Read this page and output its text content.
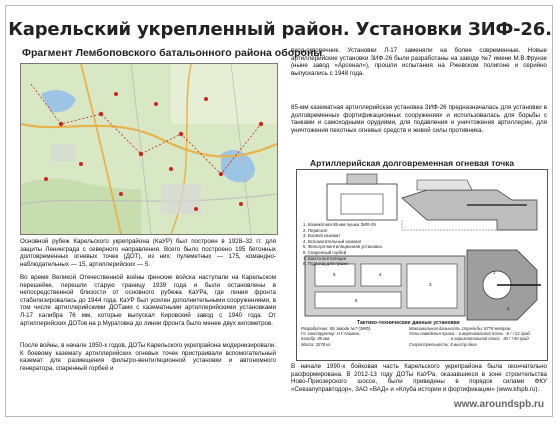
Карельский укрепленный район. Установки ЗИФ-26.
Фрагмент Лембоповского батальонного района обороны

Основной рубеж Карельского укрепрайона (КаУР) был построен в 1928–32 гг. для защиты Ленинграда с северного направления. Всего было построено 195 бетонных долговременных огневых точек (ДОТ), из них: пулеметных — 175, командно-наблюдательных — 15, артиллерийских — 5.

Во время Великой Отечественной войны финские войска наступали на Карельском перешейке, перешли старую границу 1939 года и были остановлены в непосредственной близости от основного рубежа КаУРа, где линия фронта стабилизировалась до 1944 года. КаУР был усилен дополнительными сооружениями, в том числе артиллерийскими ДОТами с казематными артиллерийскими установками Л-17 калибра 76 мм, которые выпускал Кировский завод с 1940 года. От артиллерийских ДОТов на р.Муратовка до линии фронта было менее двух километров.

После войны, в начале 1950-х годов, ДОТы Карельского укрепрайона модернизировали. К боевому каземату артиллерийских огневых точек пристраивали вспомогательный каземат для размещения фильтро-вентиляционной установки и автономного генератора, спаренный горбей и

вход-скворечник. Установки Л-17 заменяли на более современные. Новые артиллерийские установки ЗИФ-26 были разработаны на заводе №7 имени М.В.Фрунзе (ныне завод «Арсенал»), прошли испытания на Ржевском полигоне и серийно выпускались с 1948 года.

85-мм казематная артиллерийская установка ЗИФ-26 предназначалась для установки в долговременных фортификационных сооружениях и использовалась для борьбы с танками и самоходными орудиями, для подавления и уничтожения артиллерии, для уничтожения пехотных огневых средств и живой силы противника.

Артиллерийская долговременная огневая точка
5	4
3
6
1
2
1. Казематная 85-мм пушка ЗИФ-26
2. Перископ
3. Боевой каземат
4. Вспомогательный каземат
5. Фильтро-вентиляционная установка
6. Спаренный горбей
7. Шахта вентиляции
8. Подъезд для пушки
Тактико-технические данные установки
Разработчик: КБ завода №7 (ЗИФ).
Гл. конструктор: Н.Г.Алимов,
Калибр: 85 мм.
Масса: 3378 кг.
Максимальная дальность стрельбы: 8778 метров.
Углы наведения пушки: - в вертикальной плоск. -6 / +12 град
- в горизонтальной плоск. -30 / +30 град
Скорострельность: 8 выстр./мин

В начале 1990-х бойковая часть Карельского укрепрайона была окончательно расформирована. В 2012-13 году ДОТы КаУРа, оказавшиеся в зоне строительства Ново-Приозерского шоссе, были приведены в порядок силами ФКУ «Севзапуправтодор», ЗАО «ВАД» и «Клуба истории и фортификации» (www.kfspb.ru).

www.aroundspb.ru
